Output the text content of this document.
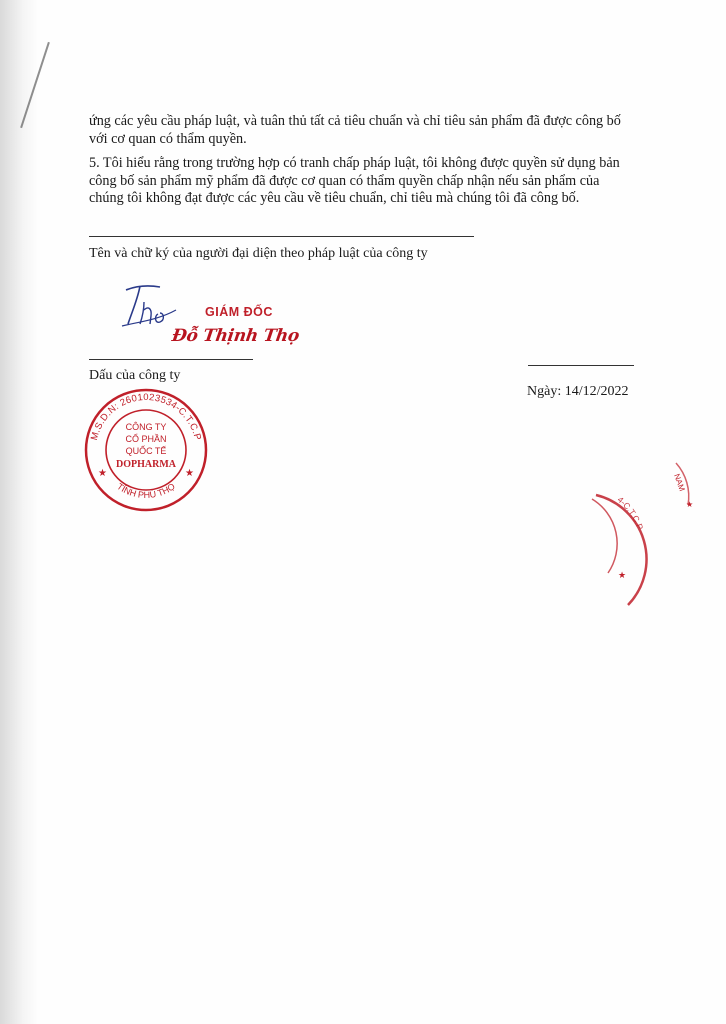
ứng các yêu cầu pháp luật, và tuân thủ tất cả tiêu chuẩn và chỉ tiêu sản phẩm đã được công bố

với cơ quan có thẩm quyền.

5. Tôi hiểu rằng trong trường hợp có tranh chấp pháp luật, tôi không được quyền sử dụng bản

công bố sản phẩm mỹ phẩm đã được cơ quan có thẩm quyền chấp nhận nếu sản phẩm của

chúng tôi không đạt được các yêu cầu về tiêu chuẩn, chỉ tiêu mà chúng tôi đã công bố.

Tên và chữ ký của người đại diện theo pháp luật của công ty
GIÁM ĐỐC
Đỗ Thịnh Thọ
Dấu của công ty
Ngày: 14/12/2022
M.S.D.N: 2601023534-C.T.C.P
TỈNH PHÚ THỌ
★	★
CÔNG TY
CỔ PHẦN
QUỐC TẾ
DOPHARMA
4-C.T.C.P
★
★
NAM
